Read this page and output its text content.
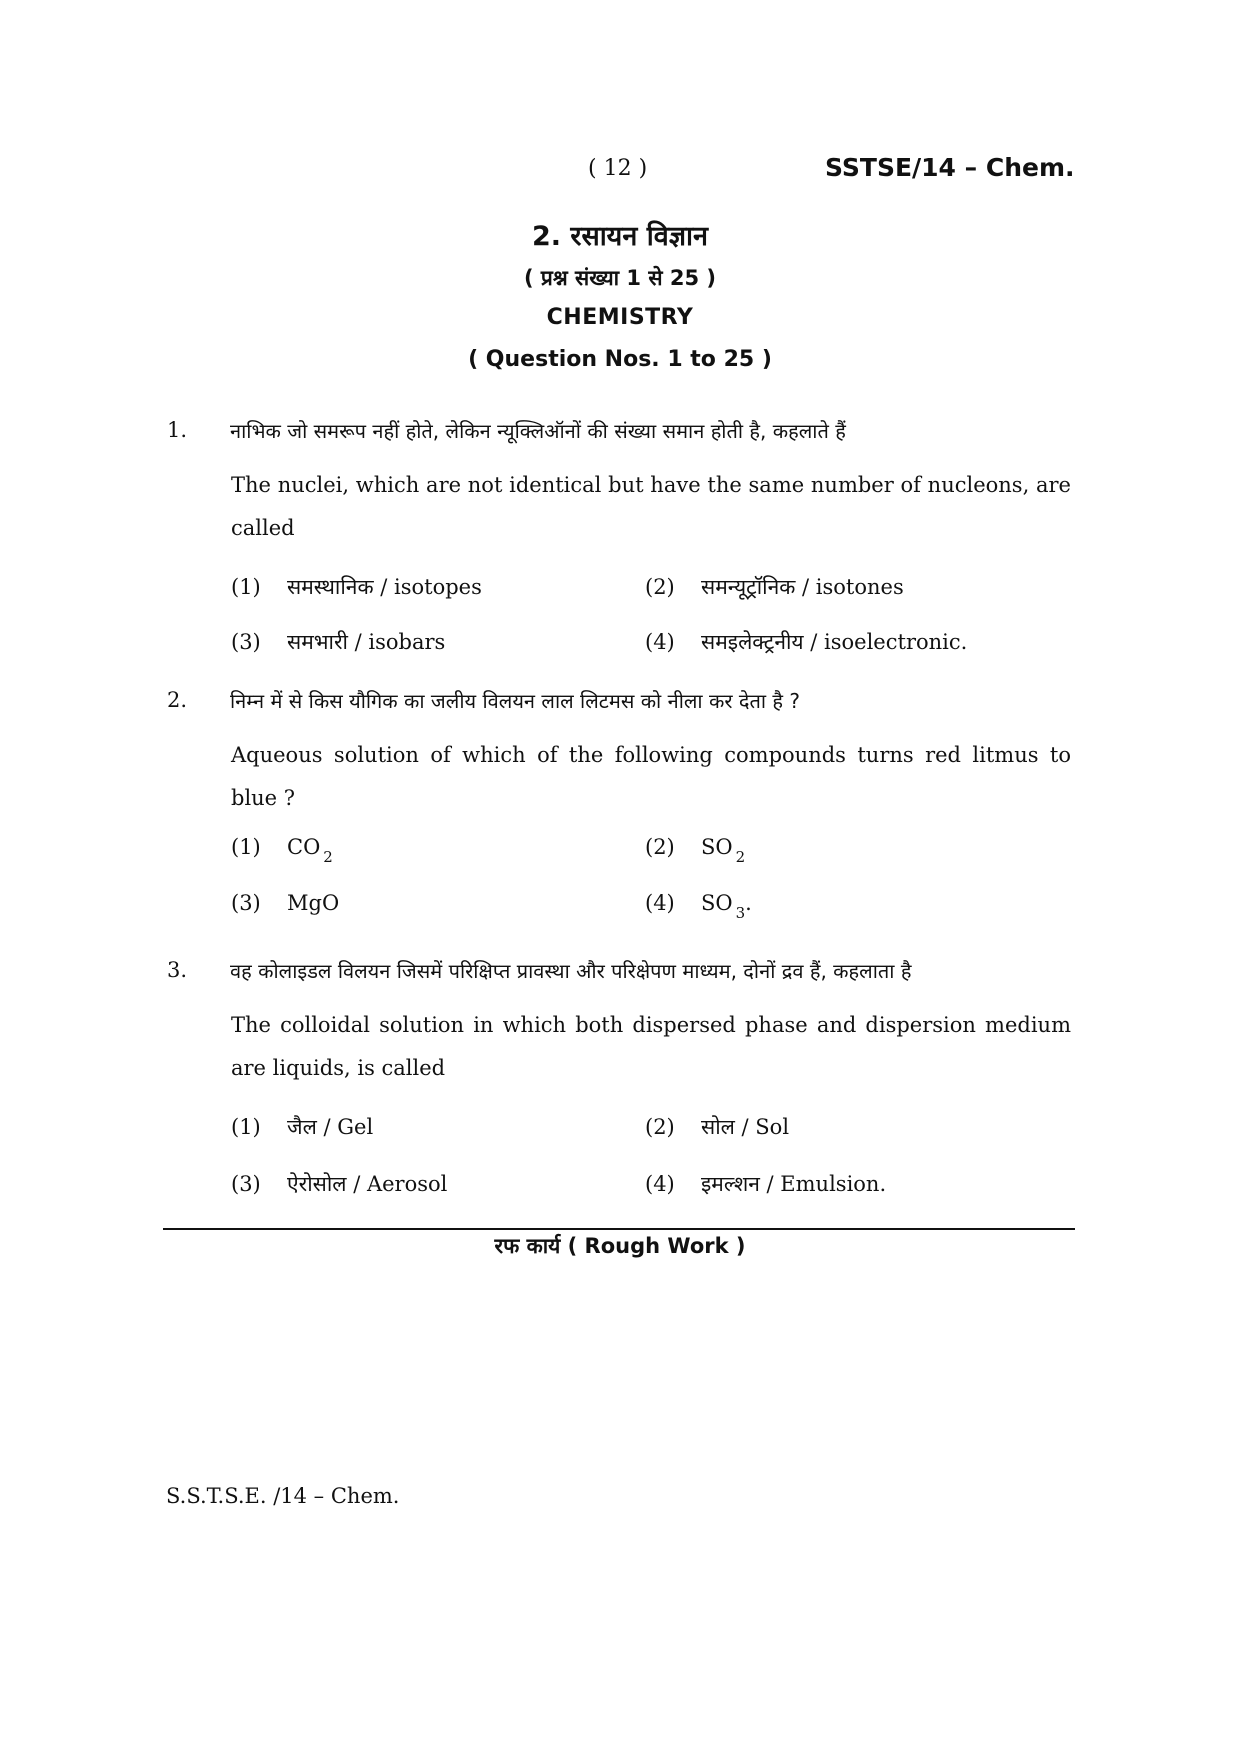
( 12 )	SSTSE/14 – Chem.
2. रसायन विज्ञान
( प्रश्न संख्या 1 से 25 )
CHEMISTRY
( Question Nos. 1 to 25 )
1. नाभिक जो समरूप नहीं होते, लेकिन न्यूक्लिऑनों की संख्या समान होती है, कहलाते हैं
The nuclei, which are not identical but have the same number of nucleons, are called
(1) समस्थानिक / isotopes	(2) समन्यूट्रॉनिक / isotones
(3) समभारी / isobars	(4) समइलेक्ट्रनीय / isoelectronic.
2. निम्न में से किस यौगिक का जलीय विलयन लाल लिटमस को नीला कर देता है ?
Aqueous solution of which of the following compounds turns red litmus to blue ?
(1) CO $_2$	(2) SO $_2$
(3) MgO	(4) SO $_3$.
3. वह कोलाइडल विलयन जिसमें परिक्षिप्त प्रावस्था और परिक्षेपण माध्यम, दोनों द्रव हैं, कहलाता है
The colloidal solution in which both dispersed phase and dispersion medium are liquids, is called
(1) जैल / Gel	(2) सोल / Sol
(3) ऐरोसोल / Aerosol	(4) इमल्शन / Emulsion.
रफ कार्य ( Rough Work )
S.S.T.S.E. /14 – Chem.
